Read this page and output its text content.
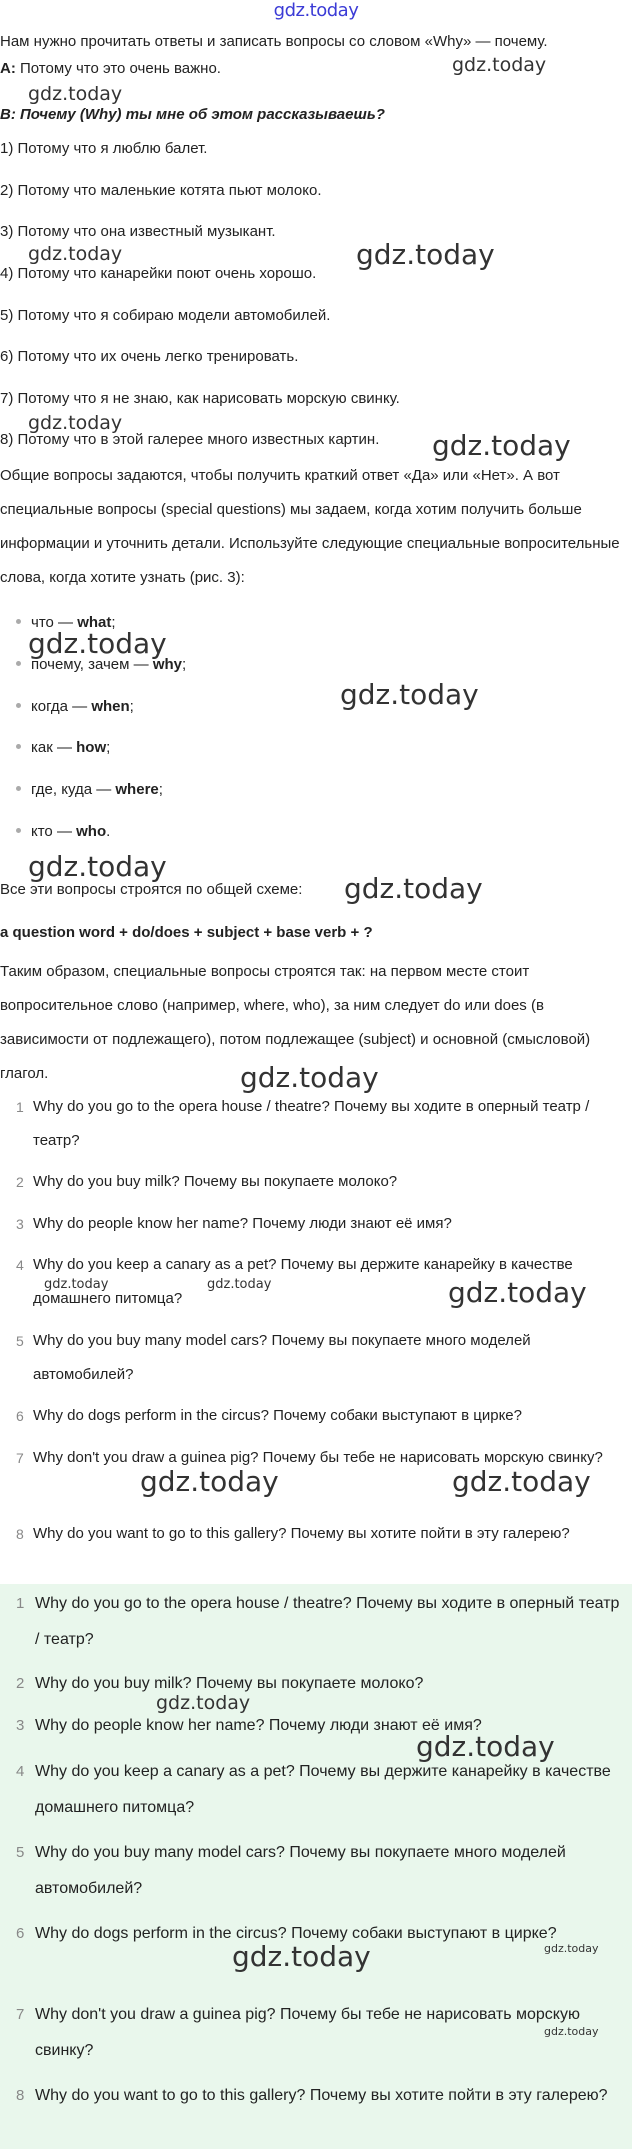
gdz.today

Нам нужно прочитать ответы и записать вопросы со словом «Why» — почему.

A: Потому что это очень важно.

B: Почему (Why) ты мне об этом рассказываешь?

1) Потому что я люблю балет.

2) Потому что маленькие котята пьют молоко.

3) Потому что она известный музыкант.

4) Потому что канарейки поют очень хорошо.

5) Потому что я собираю модели автомобилей.

6) Потому что их очень легко тренировать.

7) Потому что я не знаю, как нарисовать морскую свинку.

8) Потому что в этой галерее много известных картин.

Общие вопросы задаются, чтобы получить краткий ответ «Да» или «Нет». А вот специальные вопросы (special questions) мы задаем, когда хотим получить больше информации и уточнить детали. Используйте следующие специальные вопросительные слова, когда хотите узнать (рис. 3):

что — what;

почему, зачем — why;

когда — when;

как — how;

где, куда — where;

кто — who.

Все эти вопросы строятся по общей схеме:

a question word + do/does + subject + base verb + ?

Таким образом, специальные вопросы строятся так: на первом месте стоит вопросительное слово (например, where, who), за ним следует do или does (в зависимости от подлежащего), потом подлежащее (subject) и основной (смысловой) глагол.

1 Why do you go to the opera house / theatre? Почему вы ходите в оперный театр / театр?
2 Why do you buy milk? Почему вы покупаете молоко?
3 Why do people know her name? Почему люди знают её имя?
4 Why do you keep a canary as a pet? Почему вы держите канарейку в качестве домашнего питомца?
5 Why do you buy many model cars? Почему вы покупаете много моделей автомобилей?
6 Why do dogs perform in the circus? Почему собаки выступают в цирке?
7 Why don't you draw a guinea pig? Почему бы тебе не нарисовать морскую свинку?
8 Why do you want to go to this gallery? Почему вы хотите пойти в эту галерею?
1 Why do you go to the opera house / theatre? Почему вы ходите в оперный театр / театр?
2 Why do you buy milk? Почему вы покупаете молоко?
3 Why do people know her name? Почему люди знают её имя?
4 Why do you keep a canary as a pet? Почему вы держите канарейку в качестве домашнего питомца?
5 Why do you buy many model cars? Почему вы покупаете много моделей автомобилей?
6 Why do dogs perform in the circus? Почему собаки выступают в цирке?
7 Why don't you draw a guinea pig? Почему бы тебе не нарисовать морскую свинку?
8 Why do you want to go to this gallery? Почему вы хотите пойти в эту галерею?
gdz.today
gdz.today
gdz.today	gdz.today
gdz.today
gdz.today
gdz.today
gdz.today
gdz.today
gdz.today
gdz.today
gdz.today	gdz.today	gdz.today
gdz.today	gdz.today
gdz.today
gdz.today
gdz.today	gdz.today
gdz.today
